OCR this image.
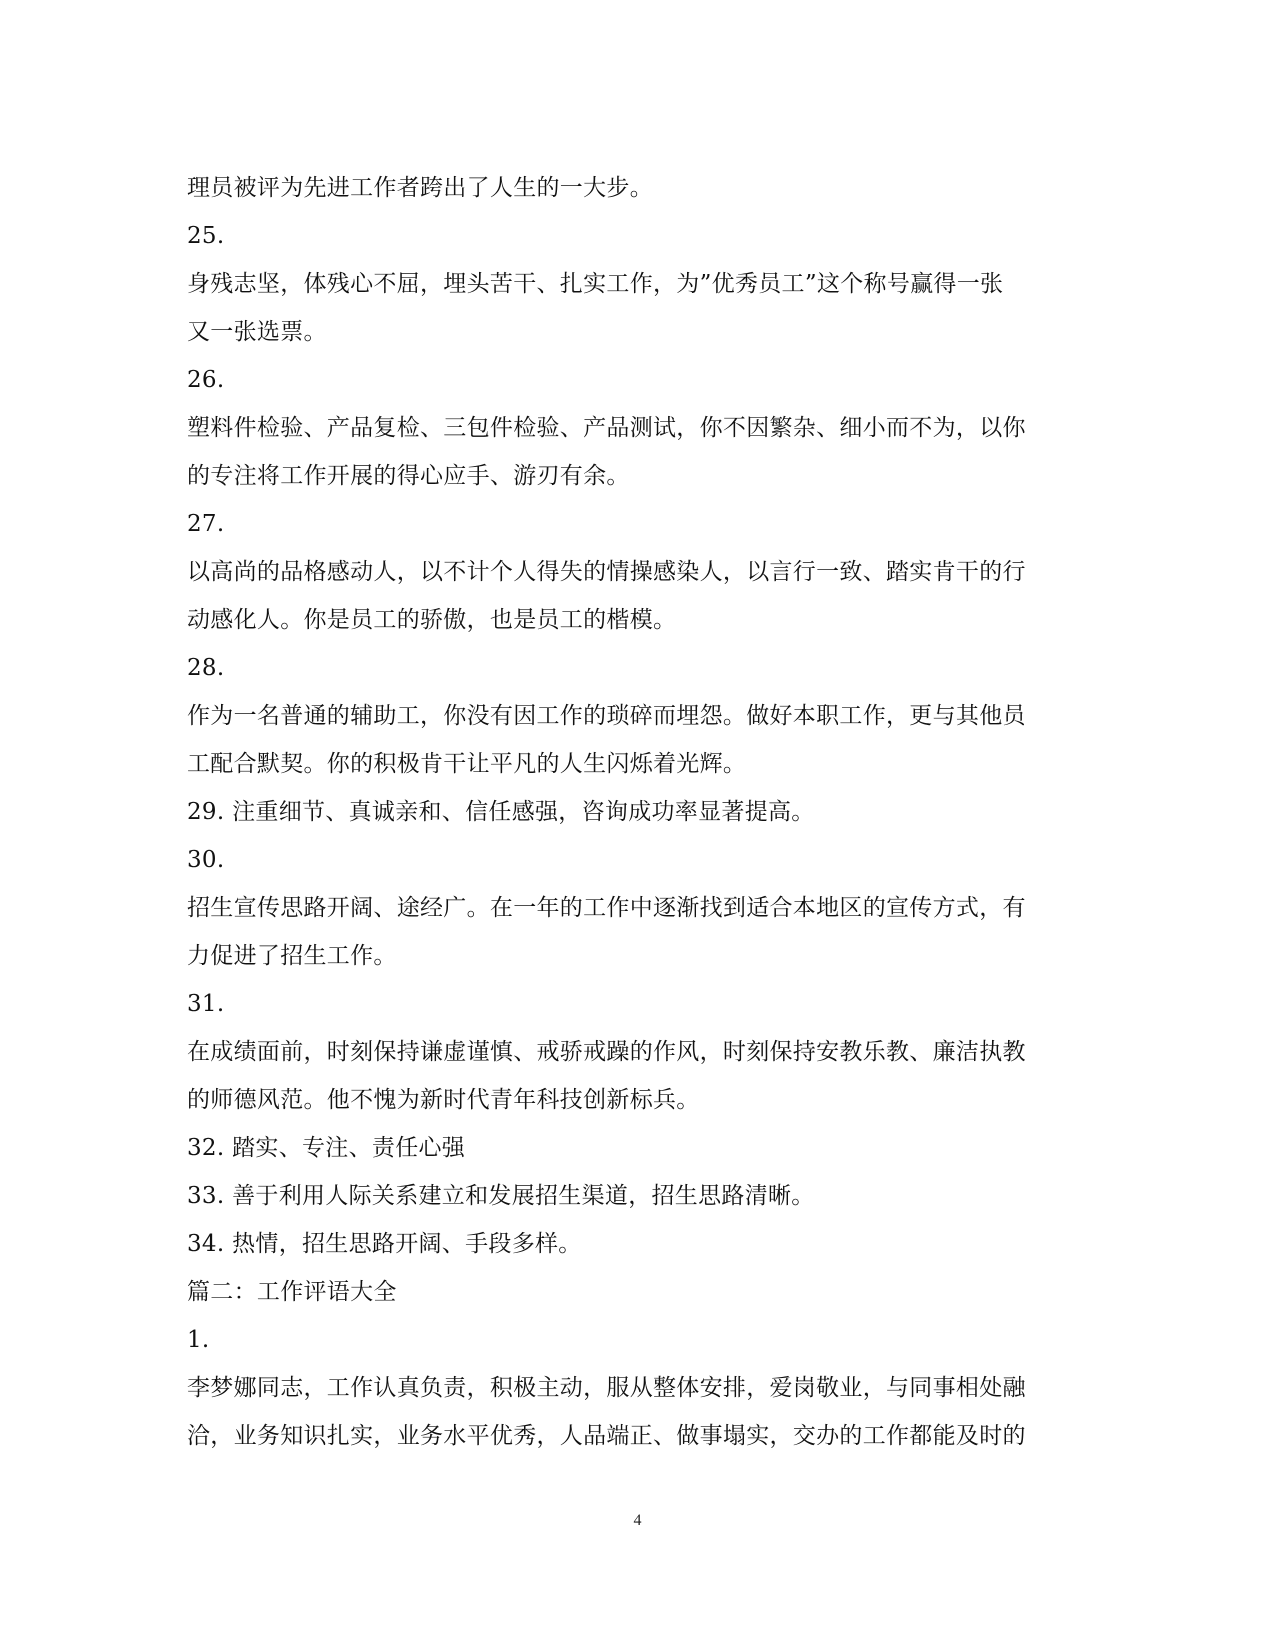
理员被评为先进工作者跨出了人生的一大步。
25.
身残志坚，体残心不屈，埋头苦干、扎实工作，为”优秀员工”这个称号赢得一张
又一张选票。
26.
塑料件检验、产品复检、三包件检验、产品测试，你不因繁杂、细小而不为，以你
的专注将工作开展的得心应手、游刃有余。
27.
以高尚的品格感动人，以不计个人得失的情操感染人，以言行一致、踏实肯干的行
动感化人。你是员工的骄傲，也是员工的楷模。
28.
作为一名普通的辅助工，你没有因工作的琐碎而埋怨。做好本职工作，更与其他员
工配合默契。你的积极肯干让平凡的人生闪烁着光辉。
29. 注重细节、真诚亲和、信任感强，咨询成功率显著提高。
30.
招生宣传思路开阔、途经广。在一年的工作中逐渐找到适合本地区的宣传方式，有
力促进了招生工作。
31.
在成绩面前，时刻保持谦虚谨慎、戒骄戒躁的作风，时刻保持安教乐教、廉洁执教
的师德风范。他不愧为新时代青年科技创新标兵。
32. 踏实、专注、责任心强
33. 善于利用人际关系建立和发展招生渠道，招生思路清晰。
34. 热情，招生思路开阔、手段多样。
篇二：工作评语大全
1.
李梦娜同志，工作认真负责，积极主动，服从整体安排，爱岗敬业，与同事相处融
洽，业务知识扎实，业务水平优秀，人品端正、做事塌实，交办的工作都能及时的
4
